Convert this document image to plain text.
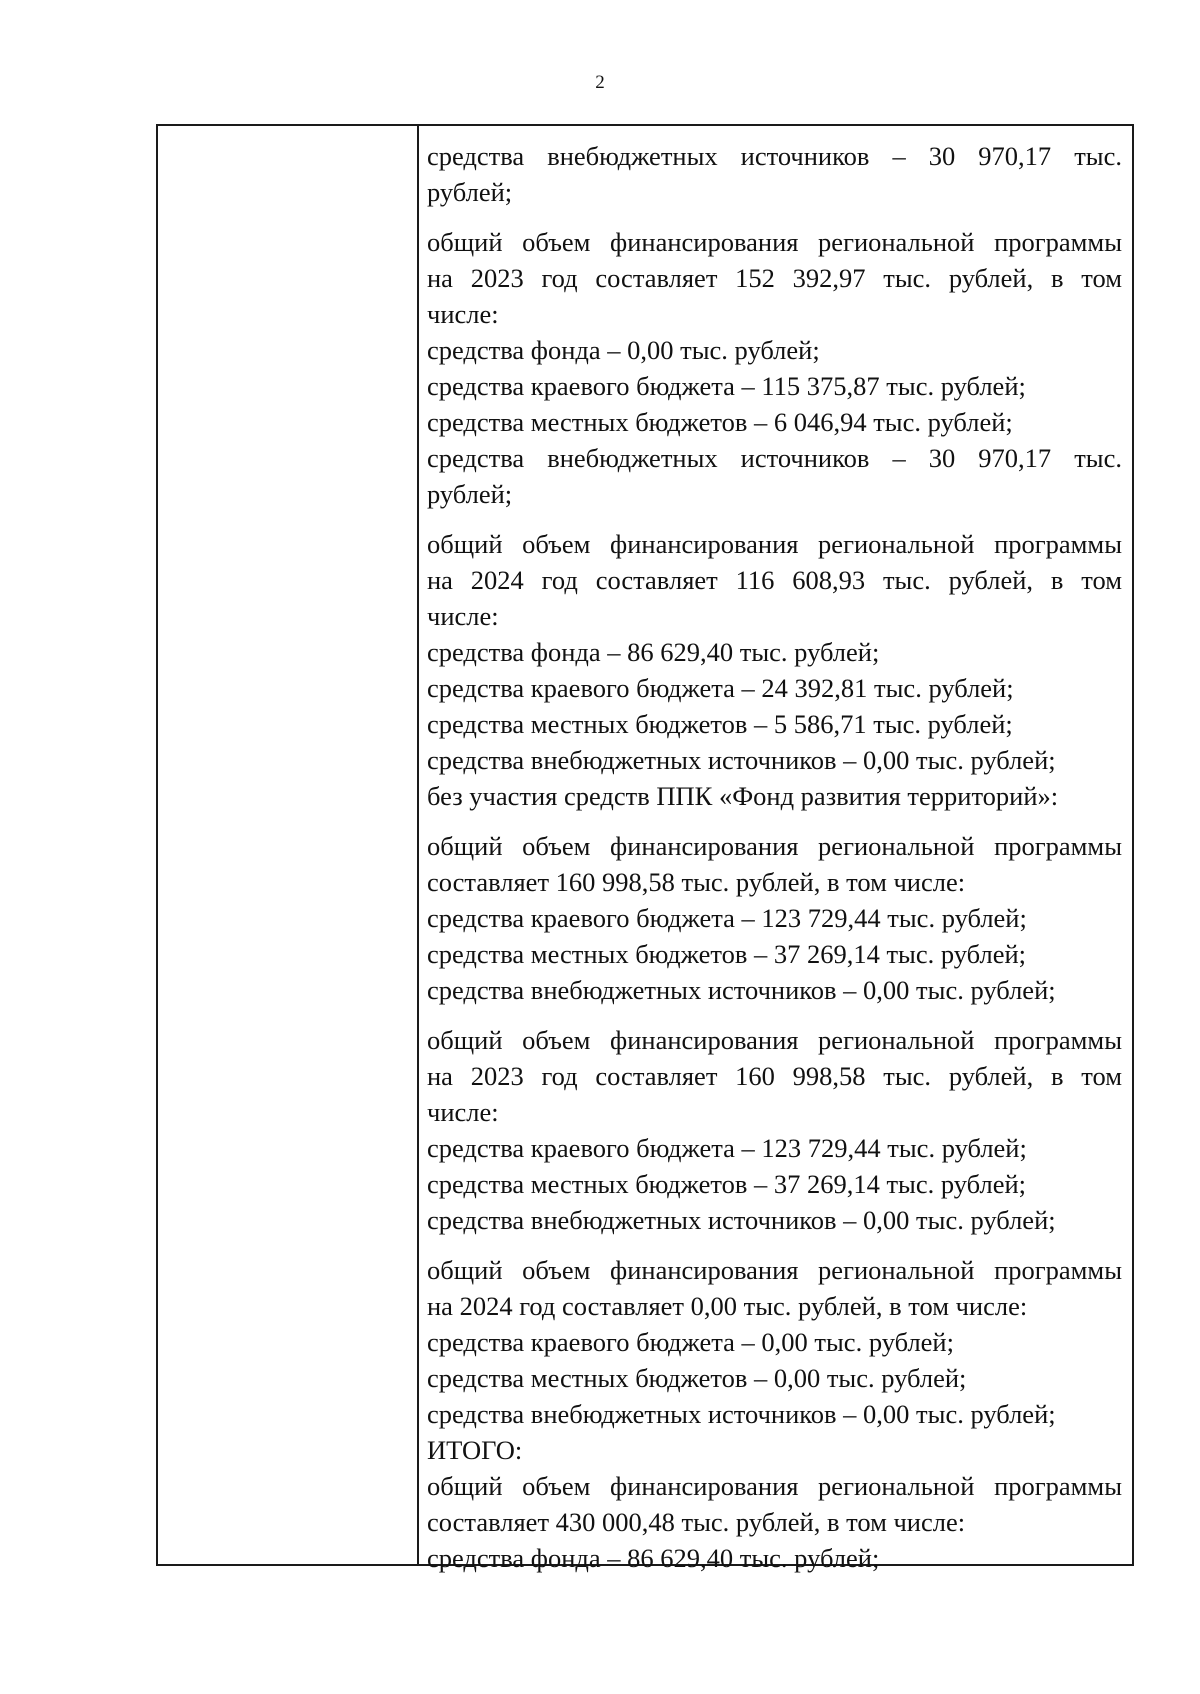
2
средства внебюджетных источников – 30 970,17 тыс.
рублей;
общий объем финансирования региональной программы
на 2023 год составляет 152 392,97 тыс. рублей, в том
числе:
средства фонда – 0,00 тыс. рублей;
средства краевого бюджета – 115 375,87 тыс. рублей;
средства местных бюджетов – 6 046,94 тыс. рублей;
средства внебюджетных источников – 30 970,17 тыс.
рублей;
общий объем финансирования региональной программы
на 2024 год составляет 116 608,93 тыс. рублей, в том
числе:
средства фонда – 86 629,40 тыс. рублей;
средства краевого бюджета – 24 392,81 тыс. рублей;
средства местных бюджетов – 5 586,71 тыс. рублей;
средства внебюджетных источников – 0,00 тыс. рублей;
без участия средств ППК «Фонд развития территорий»:
общий объем финансирования региональной программы
составляет 160 998,58 тыс. рублей, в том числе:
средства краевого бюджета – 123 729,44 тыс. рублей;
средства местных бюджетов – 37 269,14 тыс. рублей;
средства внебюджетных источников – 0,00 тыс. рублей;
общий объем финансирования региональной программы
на 2023 год составляет 160 998,58 тыс. рублей, в том
числе:
средства краевого бюджета – 123 729,44 тыс. рублей;
средства местных бюджетов – 37 269,14 тыс. рублей;
средства внебюджетных источников – 0,00 тыс. рублей;
общий объем финансирования региональной программы
на 2024 год составляет 0,00 тыс. рублей, в том числе:
средства краевого бюджета – 0,00 тыс. рублей;
средства местных бюджетов – 0,00 тыс. рублей;
средства внебюджетных источников – 0,00 тыс. рублей;
ИТОГО:
общий объем финансирования региональной программы
составляет 430 000,48 тыс. рублей, в том числе:
средства фонда – 86 629,40 тыс. рублей;
